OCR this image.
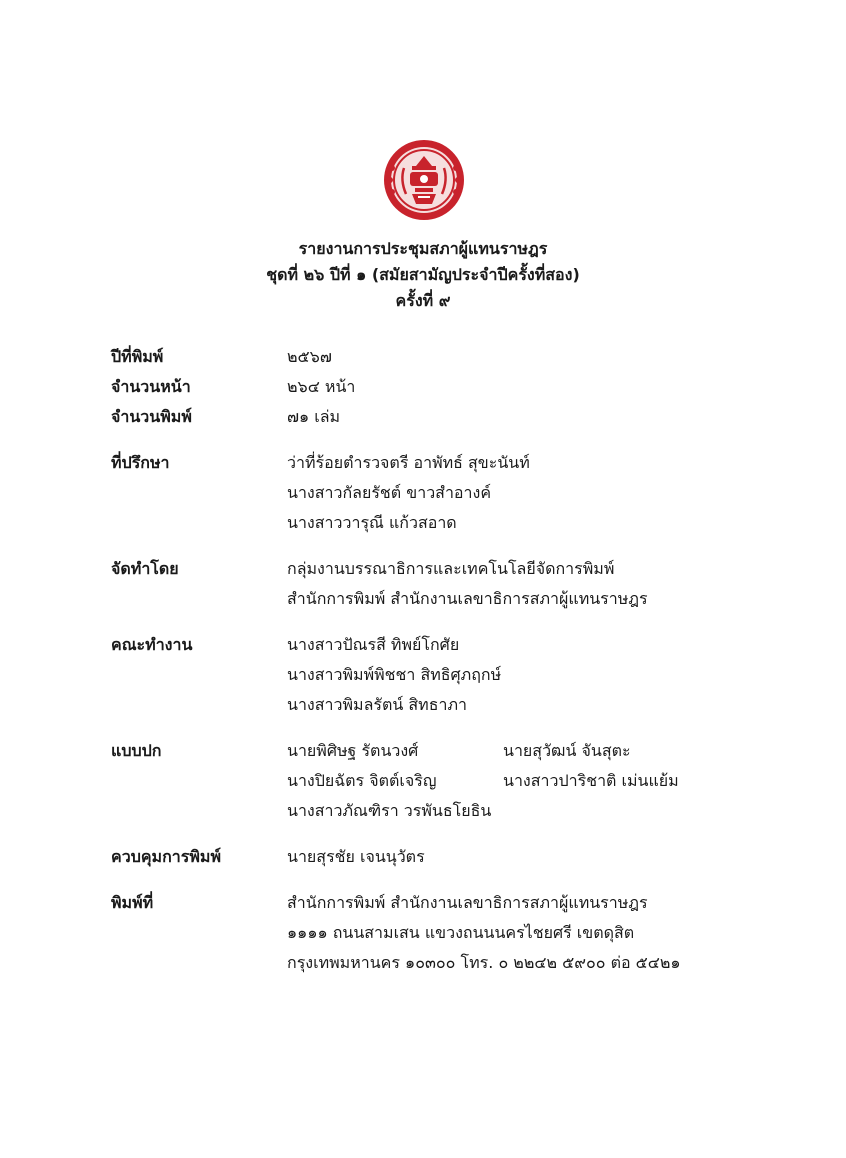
รายงานการประชุมสภาผู้แทนราษฎร
ชุดที่ ๒๖ ปีที่ ๑ (สมัยสามัญประจำปีครั้งที่สอง)
ครั้งที่ ๙
ปีที่พิมพ์	๒๕๖๗
จำนวนหน้า	๒๖๔ หน้า
จำนวนพิมพ์	๗๑ เล่ม
ที่ปรึกษา	ว่าที่ร้อยตำรวจตรี อาพัทธ์ สุขะนันท์
นางสาวกัลยรัชต์ ขาวสำอางค์
นางสาววารุณี แก้วสอาด
จัดทำโดย	กลุ่มงานบรรณาธิการและเทคโนโลยีจัดการพิมพ์
สำนักการพิมพ์ สำนักงานเลขาธิการสภาผู้แทนราษฎร
คณะทำงาน	นางสาวปัณรสี ทิพย์โกศัย
นางสาวพิมพ์พิชชา สิทธิศุภฤกษ์
นางสาวพิมลรัตน์ สิทธาภา
แบบปก	นายพิศิษฐ รัตนวงศ์	นายสุวัฒน์ จันสุตะ
นางปิยฉัตร จิตต์เจริญ	นางสาวปาริชาติ เม่นแย้ม
นางสาวภัณฑิรา วรพันธโยธิน
ควบคุมการพิมพ์	นายสุรชัย เจนนุวัตร
พิมพ์ที่	สำนักการพิมพ์ สำนักงานเลขาธิการสภาผู้แทนราษฎร
๑๑๑๑ ถนนสามเสน แขวงถนนนครไชยศรี เขตดุสิต
กรุงเทพมหานคร ๑๐๓๐๐ โทร. ๐ ๒๒๔๒ ๕๙๐๐ ต่อ ๕๔๒๑
